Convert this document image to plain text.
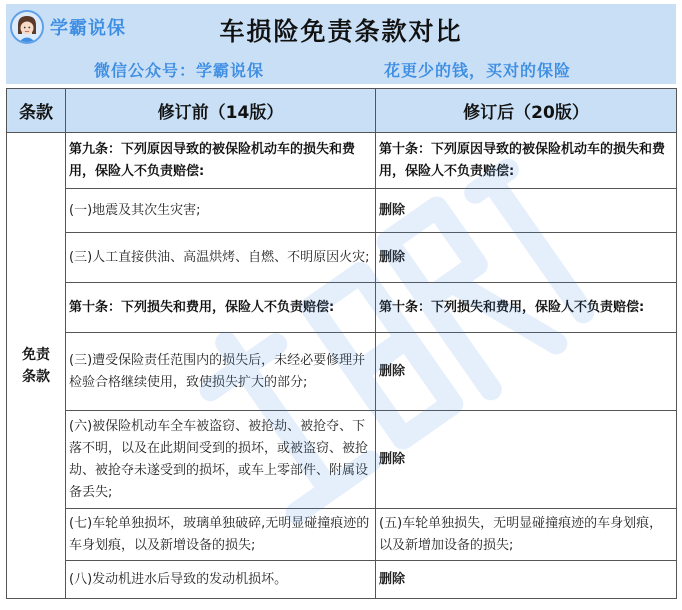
学霸说保	车损险免责条款对比
微信公众号：学霸说保	花更少的钱，买对的保险
条款	修订前（14版）	修订后（20版）
免责条款	第九条：下列原因导致的被保险机动车的损失和费用，保险人不负责赔偿:	第十条：下列原因导致的被保险机动车的损失和费用，保险人不负责赔偿:
	(一)地震及其次生灾害;	删除
	(三)人工直接供油、高温烘烤、自燃、不明原因火灾;	删除
	第十条：下列损失和费用，保险人不负责赔偿:	第十条：下列损失和费用，保险人不负责赔偿:
	(三)遭受保险责任范围内的损失后，未经必要修理并检验合格继续使用，致使损失扩大的部分;	删除
	(六)被保险机动车全车被盗窃、被抢劫、被抢夺、下落不明，以及在此期间受到的损坏，或被盗窃、被抢劫、被抢夺未遂受到的损坏，或车上零部件、附属设备丢失;	删除
	(七)车轮单独损坏，玻璃单独破碎,无明显碰撞痕迹的车身划痕，以及新增设备的损失;	(五)车轮单独损失，无明显碰撞痕迹的车身划痕，以及新增加设备的损失;
	(八)发动机进水后导致的发动机损坏。	删除
